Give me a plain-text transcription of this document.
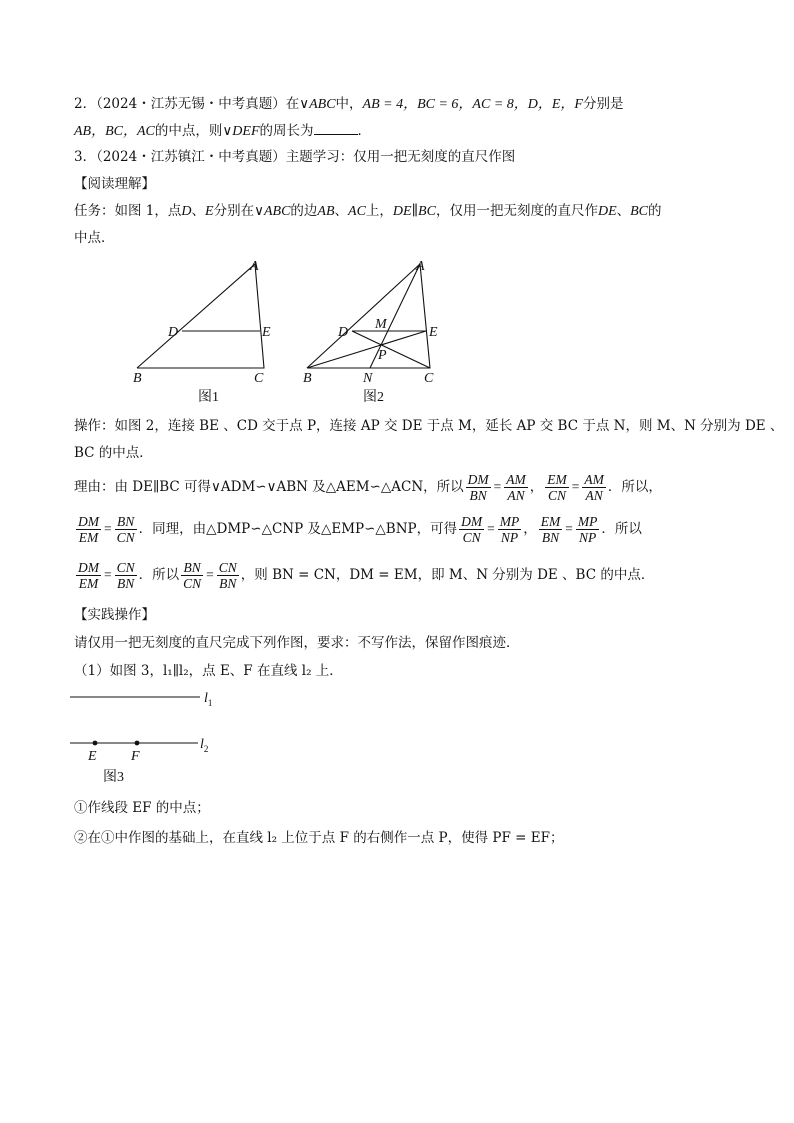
2．（2024・江苏无锡・中考真题）在∨ABC中，AB = 4，BC = 6，AC = 8，D，E，F分别是
AB，BC，AC的中点，则∨DEF的周长为	．
3．（2024・江苏镇江・中考真题）主题学习：仅用一把无刻度的直尺作图
【阅读理解】
任务：如图 1，点D、E分别在∨ABC的边AB、AC上，DE∥BC，仅用一把无刻度的直尺作DE、BC的
中点．
A
D	E
B	C
图1
A
M
D	E
P
B	N	C
图2
操作：如图 2，连接 BE 、CD 交于点 P，连接 AP 交 DE 于点 M，延长 AP 交 BC 于点 N，则 M、N 分别为 DE 、
BC 的中点．
理由：由 DE∥BC 可得∨ADM∽∨ABN 及△AEM∽△ACN，所以 $\frac{DM}{BN} = \frac{AM}{AN}$ ， $\frac{EM}{CN} = \frac{AM}{AN}$ ．所以，
$\frac{DM}{EM} = \frac{BN}{CN}$ ．同理，由△DMP∽△CNP 及△EMP∽△BNP，可得 $\frac{DM}{CN} = \frac{MP}{NP}$ ， $\frac{EM}{BN} = \frac{MP}{NP}$ ．所以
$\frac{DM}{EM} = \frac{CN}{BN}$ ．所以 $\frac{BN}{CN} = \frac{CN}{BN}$ ，则 BN = CN，DM = EM，即 M、N 分别为 DE 、BC 的中点．
【实践操作】
请仅用一把无刻度的直尺完成下列作图，要求：不写作法，保留作图痕迹．
（1）如图 3，l₁∥l₂，点 E、F 在直线 l₂ 上．
$l_1$
$l_2$
E F
图3
①作线段 EF 的中点；
②在①中作图的基础上，在直线 l₂ 上位于点 F 的右侧作一点 P，使得 PF = EF；
